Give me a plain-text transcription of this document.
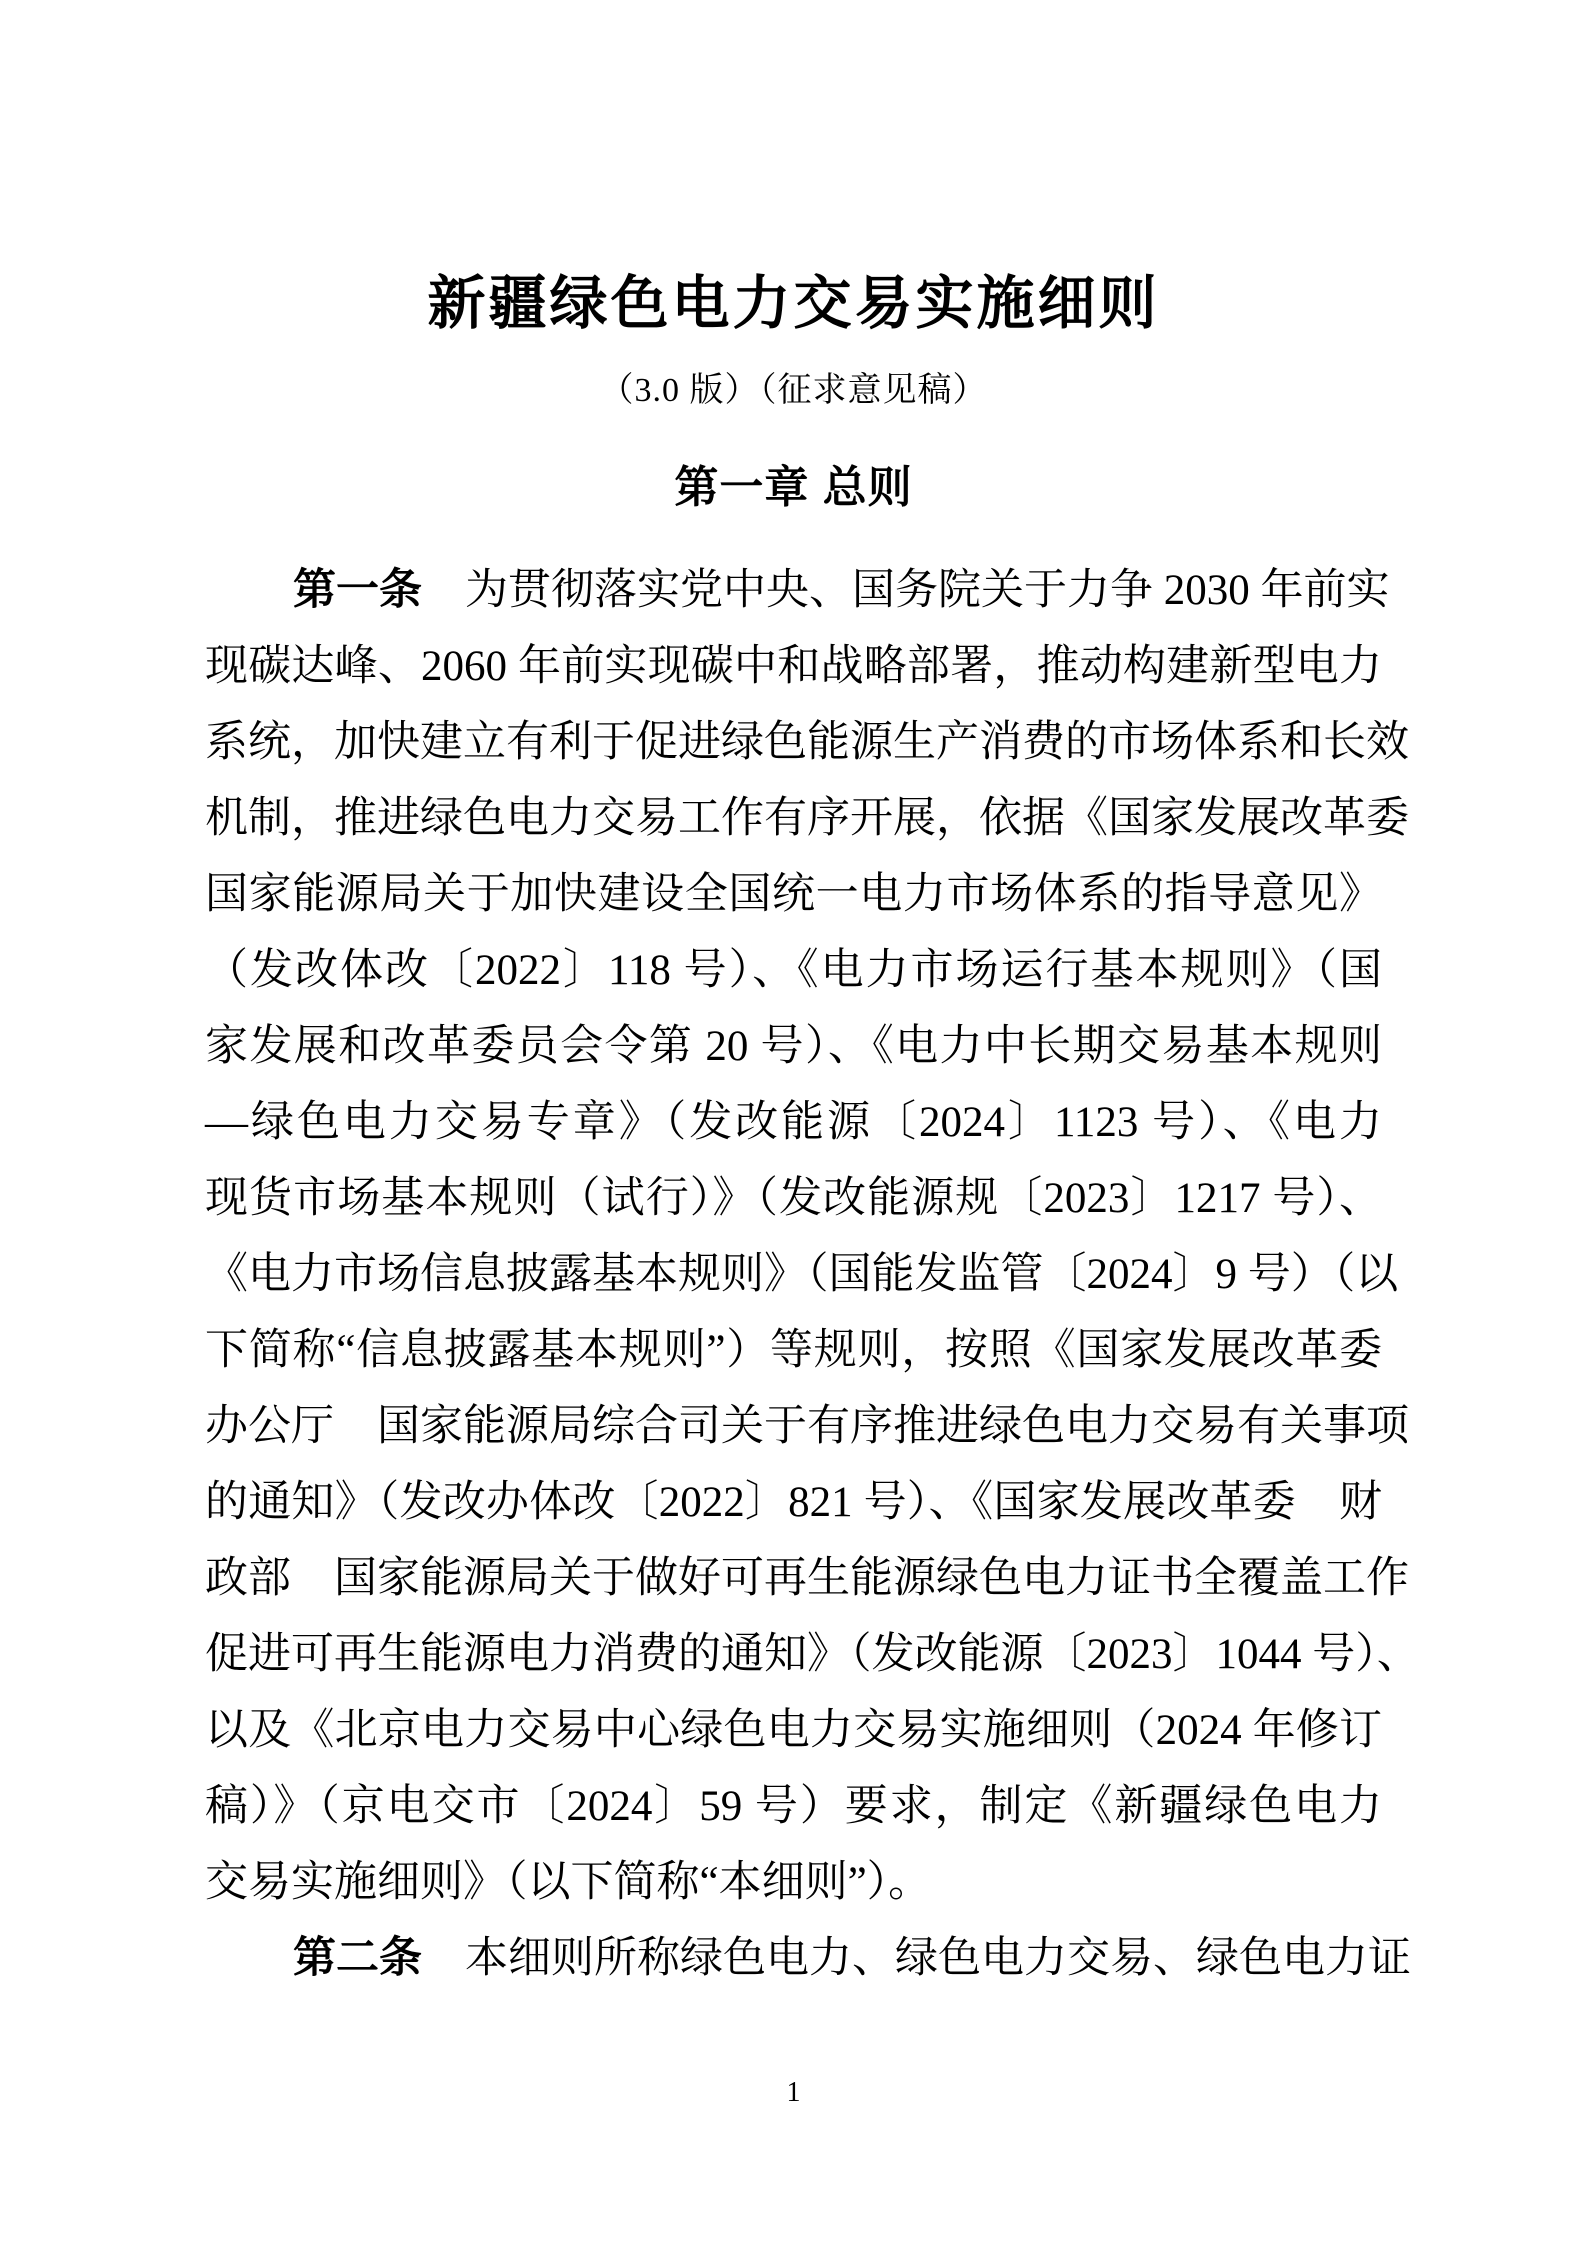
新疆绿色电力交易实施细则
（3.0 版）（征求意见稿）
第一章 总则
第一条　为贯彻落实党中央、国务院关于力争 2030 年前实
现碳达峰、2060 年前实现碳中和战略部署，推动构建新型电力
系统，加快建立有利于促进绿色能源生产消费的市场体系和长效
机制，推进绿色电力交易工作有序开展，依据《国家发展改革委
国家能源局关于加快建设全国统一电力市场体系的指导意见》
（发改体改〔2022〕118 号）、《电力市场运行基本规则》（国
家发展和改革委员会令第 20 号）、《电力中长期交易基本规则
—绿色电力交易专章》（发改能源〔2024〕1123 号）、《电力
现货市场基本规则（试行）》（发改能源规〔2023〕1217 号）、
《电力市场信息披露基本规则》（国能发监管〔2024〕9 号）（以
下简称“信息披露基本规则”）等规则，按照《国家发展改革委
办公厅　国家能源局综合司关于有序推进绿色电力交易有关事项
的通知》（发改办体改〔2022〕821 号）、《国家发展改革委　财
政部　国家能源局关于做好可再生能源绿色电力证书全覆盖工作
促进可再生能源电力消费的通知》（发改能源〔2023〕1044 号）、
以及《北京电力交易中心绿色电力交易实施细则（2024 年修订
稿）》（京电交市〔2024〕59 号）要求，制定《新疆绿色电力
交易实施细则》（以下简称“本细则”）。
第二条　本细则所称绿色电力、绿色电力交易、绿色电力证
1
